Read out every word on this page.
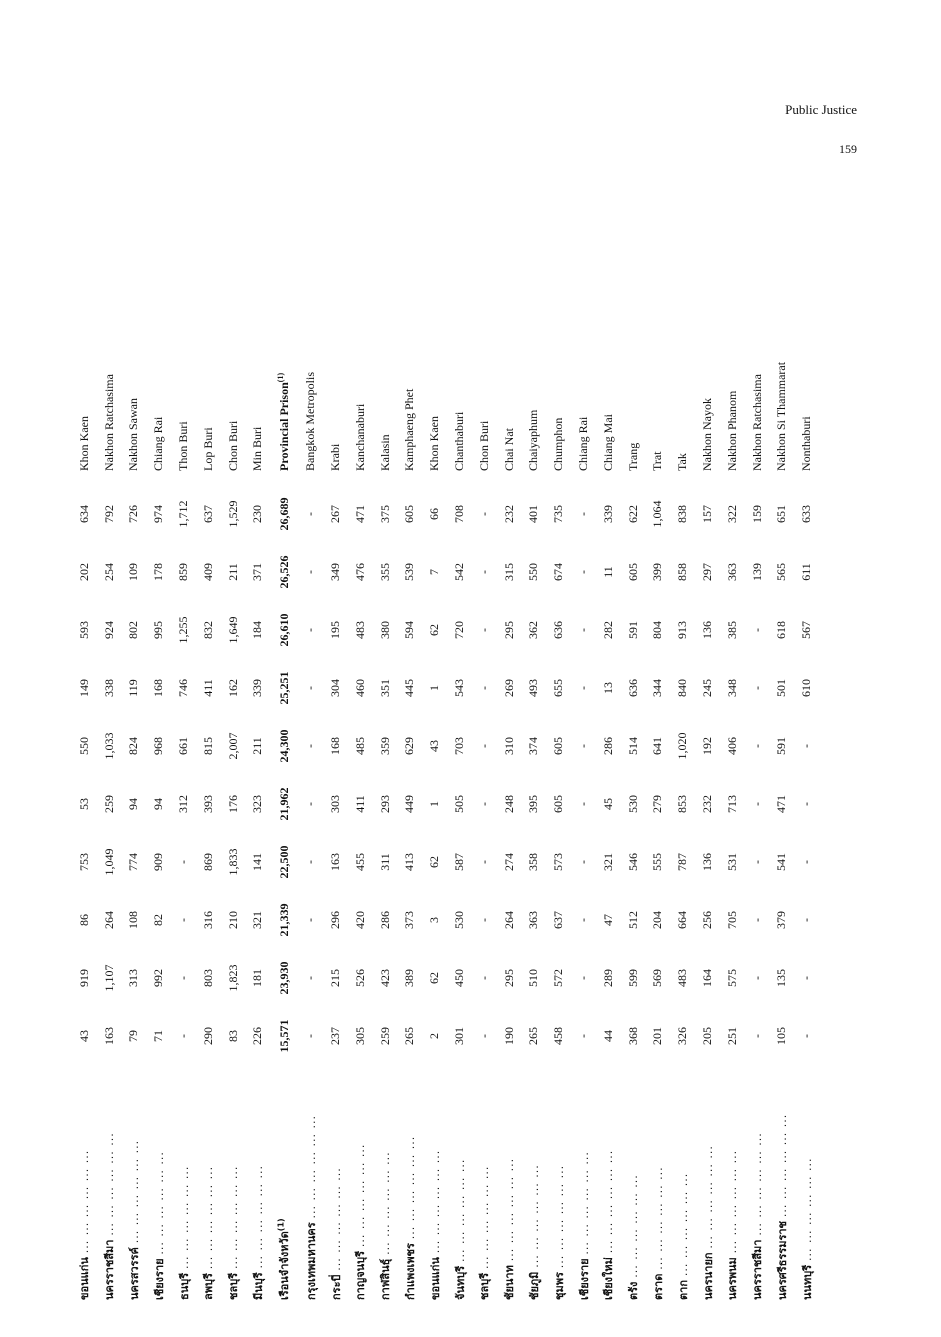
Public Justice
159
ขอนแก่น ... ... ... ... ... ...	43	919	86	753	53	550	149	593	202	634	Khon Kaen
นครราชสีมา ... ... ... ... ... ...	163	1,107	264	1,049	259	1,033	338	924	254	792	Nakhon Ratchasima
นครสวรรค์ ... ... ... ... ... ...	79	313	108	774	94	824	119	802	109	726	Nakhon Sawan
เชียงราย ... ... ... ... ... ...	71	992	82	909	94	968	168	995	178	974	Chiang Rai
ธนบุรี ... ... ... ... ... ...	-	-	-	-	312	661	746	1,255	859	1,712	Thon Buri
ลพบุรี ... ... ... ... ... ...	290	803	316	869	393	815	411	832	409	637	Lop Buri
ชลบุรี ... ... ... ... ... ...	83	1,823	210	1,833	176	2,007	162	1,649	211	1,529	Chon Buri
มีนบุรี ... ... ... ... ... ...	226	181	321	141	323	211	339	184	371	230	Min Buri
เรือนจำจังหวัด$^{(1)}$	15,571	23,930	21,339	22,500	21,962	24,300	25,251	26,610	26,526	26,689	Provincial Prison$^{(1)}$
กรุงเทพมหานคร ... ... ... ... ... ...	-	-	-	-	-	-	-	-	-	-	Bangkok Metropolis
กระบี่ ... ... ... ... ... ...	237	215	296	163	303	168	304	195	349	267	Krabi
กาญจนบุรี ... ... ... ... ... ...	305	526	420	455	411	485	460	483	476	471	Kanchanaburi
กาฬสินธุ์ ... ... ... ... ... ...	259	423	286	311	293	359	351	380	355	375	Kalasin
กำแพงเพชร ... ... ... ... ... ...	265	389	373	413	449	629	445	594	539	605	Kamphaeng Phet
ขอนแก่น ... ... ... ... ... ...	2	62	3	62	1	43	1	62	7	66	Khon Kaen
จันทบุรี ... ... ... ... ... ...	301	450	530	587	505	703	543	720	542	708	Chanthaburi
ชลบุรี ... ... ... ... ... ...	-	-	-	-	-	-	-	-	-	-	Chon Buri
ชัยนาท ... ... ... ... ... ...	190	295	264	274	248	310	269	295	315	232	Chai Nat
ชัยภูมิ ... ... ... ... ... ...	265	510	363	358	395	374	493	362	550	401	Chaiyaphum
ชุมพร ... ... ... ... ... ...	458	572	637	573	605	605	655	636	674	735	Chumphon
เชียงราย ... ... ... ... ... ...	-	-	-	-	-	-	-	-	-	-	Chiang Rai
เชียงใหม่ ... ... ... ... ... ...	44	289	47	321	45	286	13	282	11	339	Chiang Mai
ตรัง ... ... ... ... ... ...	368	599	512	546	530	514	636	591	605	622	Trang
ตราด ... ... ... ... ... ...	201	569	204	555	279	641	344	804	399	1,064	Trat
ตาก ... ... ... ... ... ...	326	483	664	787	853	1,020	840	913	858	838	Tak
นครนายก ... ... ... ... ... ...	205	164	256	136	232	192	245	136	297	157	Nakhon Nayok
นครพนม ... ... ... ... ... ...	251	575	705	531	713	406	348	385	363	322	Nakhon Phanom
นครราชสีมา ... ... ... ... ... ...	-	-	-	-	-	-	-	-	139	159	Nakhon Ratchasima
นครศรีธรรมราช ... ... ... ... ... ...	105	135	379	541	471	591	501	618	565	651	Nakhon Si Thammarat
นนทบุรี ... ... ... ... ... ...	-	-	-	-	-	-	610	567	611	633	Nonthaburi
